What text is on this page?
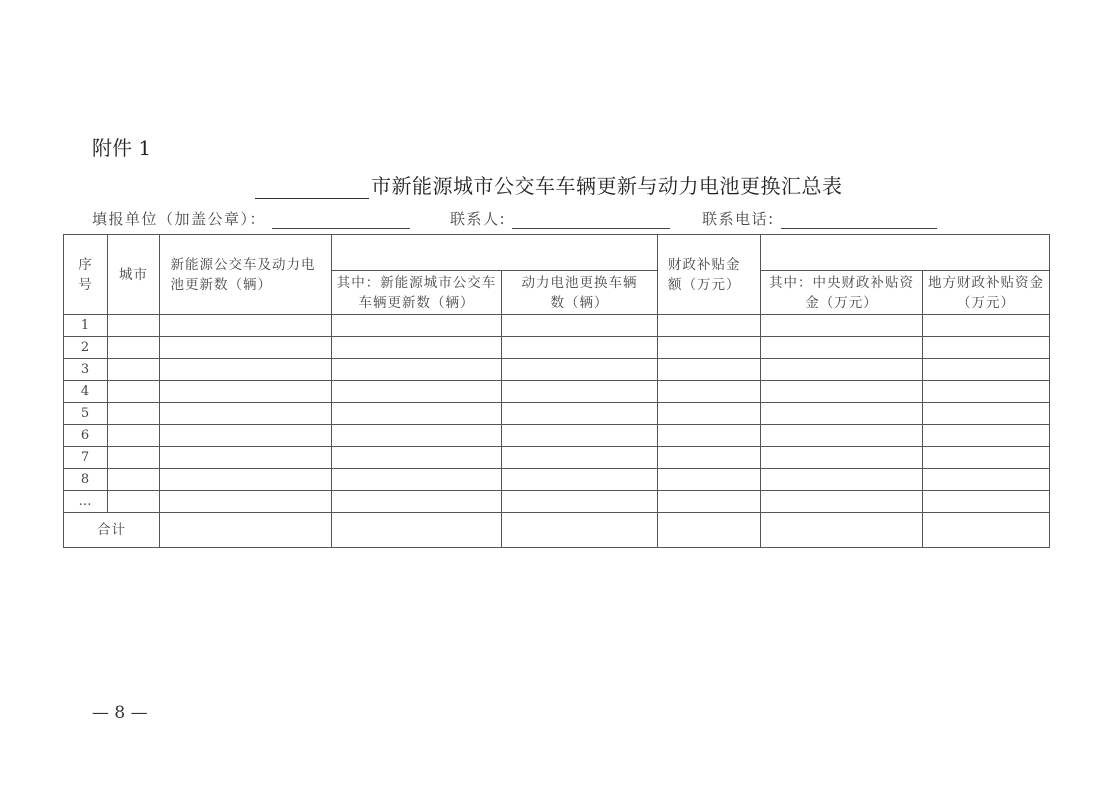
附件 1
市新能源城市公交车车辆更新与动力电池更换汇总表
填报单位（加盖公章）：	联系人:	联系电话:
序号	城市	新能源公交车及动力电池更新数（辆）			财政补贴金额（万元）		

			其中：新能源城市公交车车辆更新数（辆）	动力电池更换车辆数（辆）		其中：中央财政补贴资金（万元）	地方财政补贴资金（万元）

1							
2							
3							
4							
5							
6							
7							
8							
…							
合计							
— 8 —
